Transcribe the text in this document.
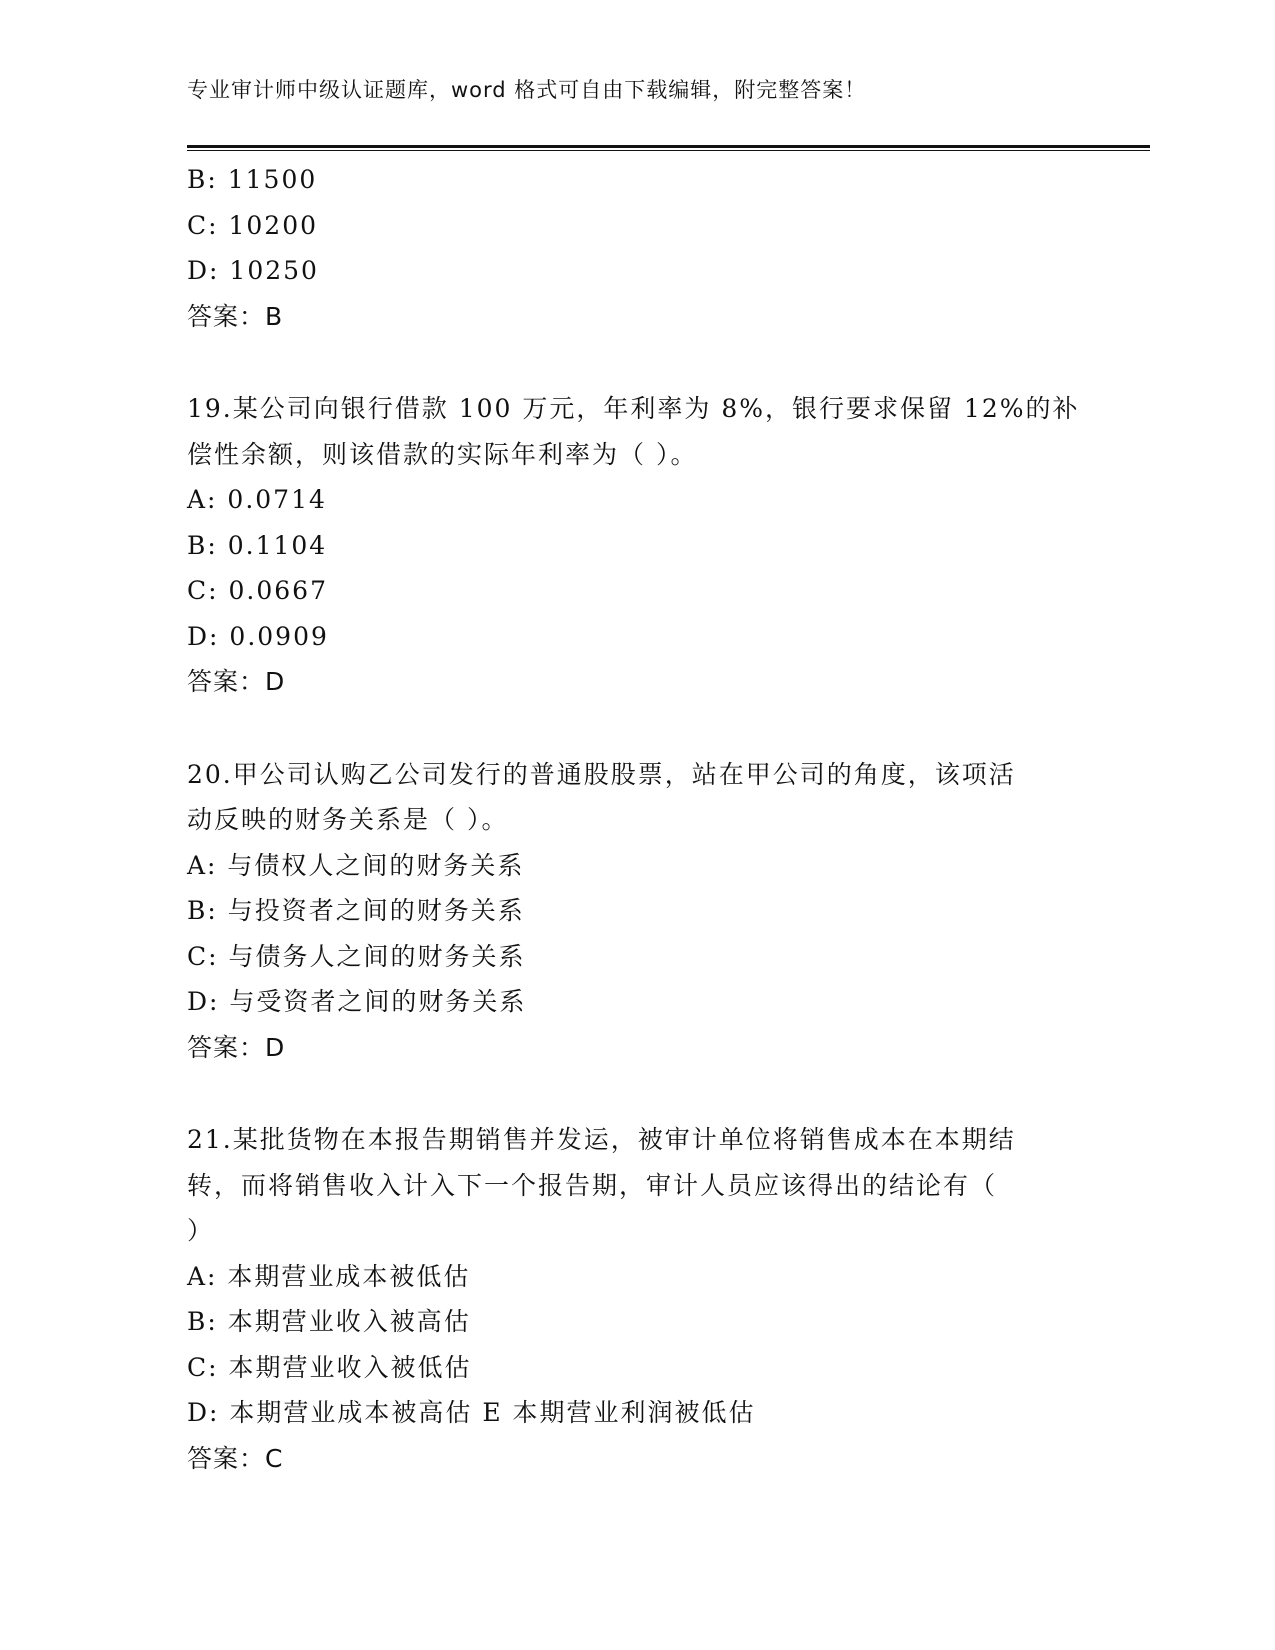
专业审计师中级认证题库，word 格式可自由下载编辑，附完整答案！
B: 11500
C: 10200
D: 10250
答案：B
19.某公司向银行借款 100 万元，年利率为 8%，银行要求保留 12%的补
偿性余额，则该借款的实际年利率为（ ）。
A: 0.0714
B: 0.1104
C: 0.0667
D: 0.0909
答案：D
20.甲公司认购乙公司发行的普通股股票，站在甲公司的角度，该项活
动反映的财务关系是（ ）。
A: 与债权人之间的财务关系
B: 与投资者之间的财务关系
C: 与债务人之间的财务关系
D: 与受资者之间的财务关系
答案：D
21.某批货物在本报告期销售并发运，被审计单位将销售成本在本期结
转，而将销售收入计入下一个报告期，审计人员应该得出的结论有（
）
A: 本期营业成本被低估
B: 本期营业收入被高估
C: 本期营业收入被低估
D: 本期营业成本被高估 E 本期营业利润被低估
答案：C
